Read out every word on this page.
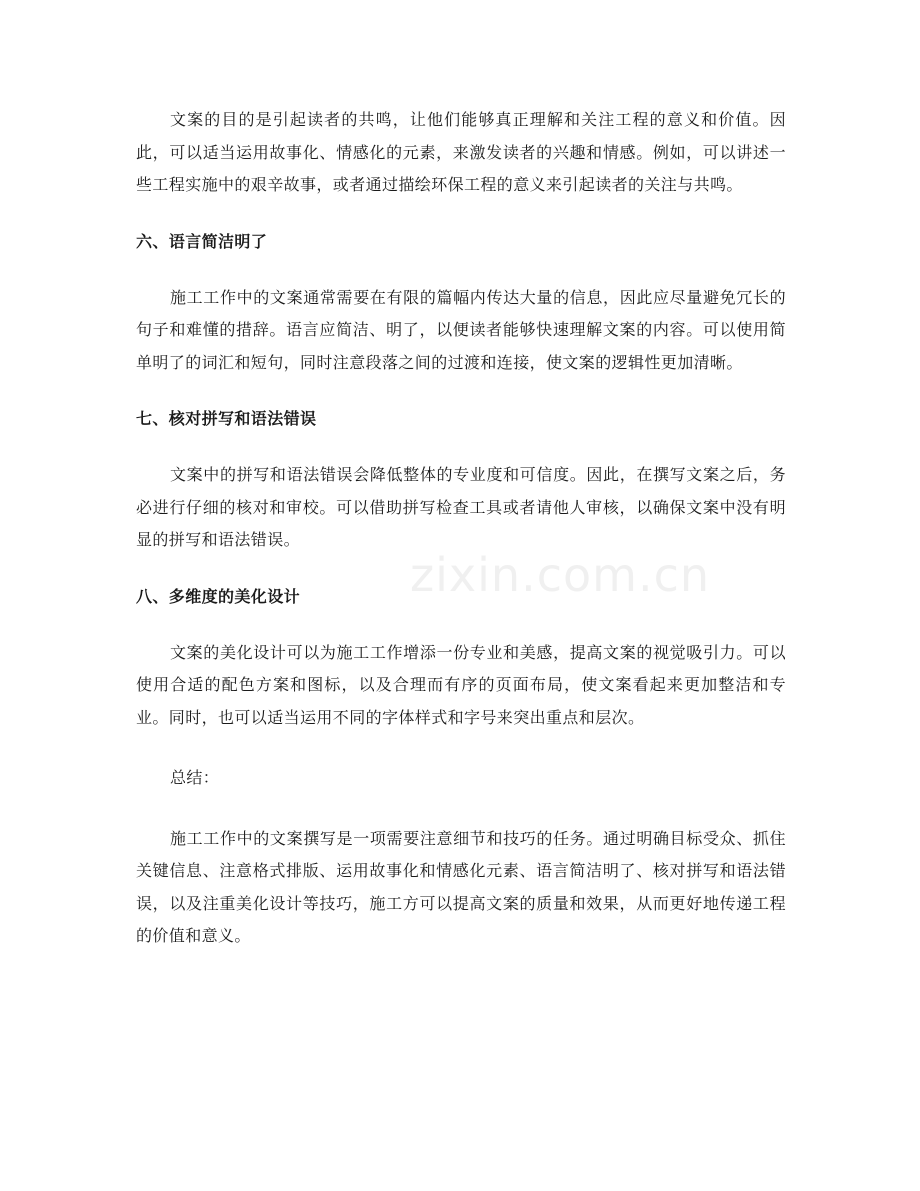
zixin.com.cn

文案的目的是引起读者的共鸣，让他们能够真正理解和关注工程的意义和价值。因此，可以适当运用故事化、情感化的元素，来激发读者的兴趣和情感。例如，可以讲述一些工程实施中的艰辛故事，或者通过描绘环保工程的意义来引起读者的关注与共鸣。

六、语言简洁明了

施工工作中的文案通常需要在有限的篇幅内传达大量的信息，因此应尽量避免冗长的句子和难懂的措辞。语言应简洁、明了，以便读者能够快速理解文案的内容。可以使用简单明了的词汇和短句，同时注意段落之间的过渡和连接，使文案的逻辑性更加清晰。

七、核对拼写和语法错误

文案中的拼写和语法错误会降低整体的专业度和可信度。因此，在撰写文案之后，务必进行仔细的核对和审校。可以借助拼写检查工具或者请他人审核，以确保文案中没有明显的拼写和语法错误。

八、多维度的美化设计

文案的美化设计可以为施工工作增添一份专业和美感，提高文案的视觉吸引力。可以使用合适的配色方案和图标，以及合理而有序的页面布局，使文案看起来更加整洁和专业。同时，也可以适当运用不同的字体样式和字号来突出重点和层次。

总结：

施工工作中的文案撰写是一项需要注意细节和技巧的任务。通过明确目标受众、抓住关键信息、注意格式排版、运用故事化和情感化元素、语言简洁明了、核对拼写和语法错误，以及注重美化设计等技巧，施工方可以提高文案的质量和效果，从而更好地传递工程的价值和意义。
